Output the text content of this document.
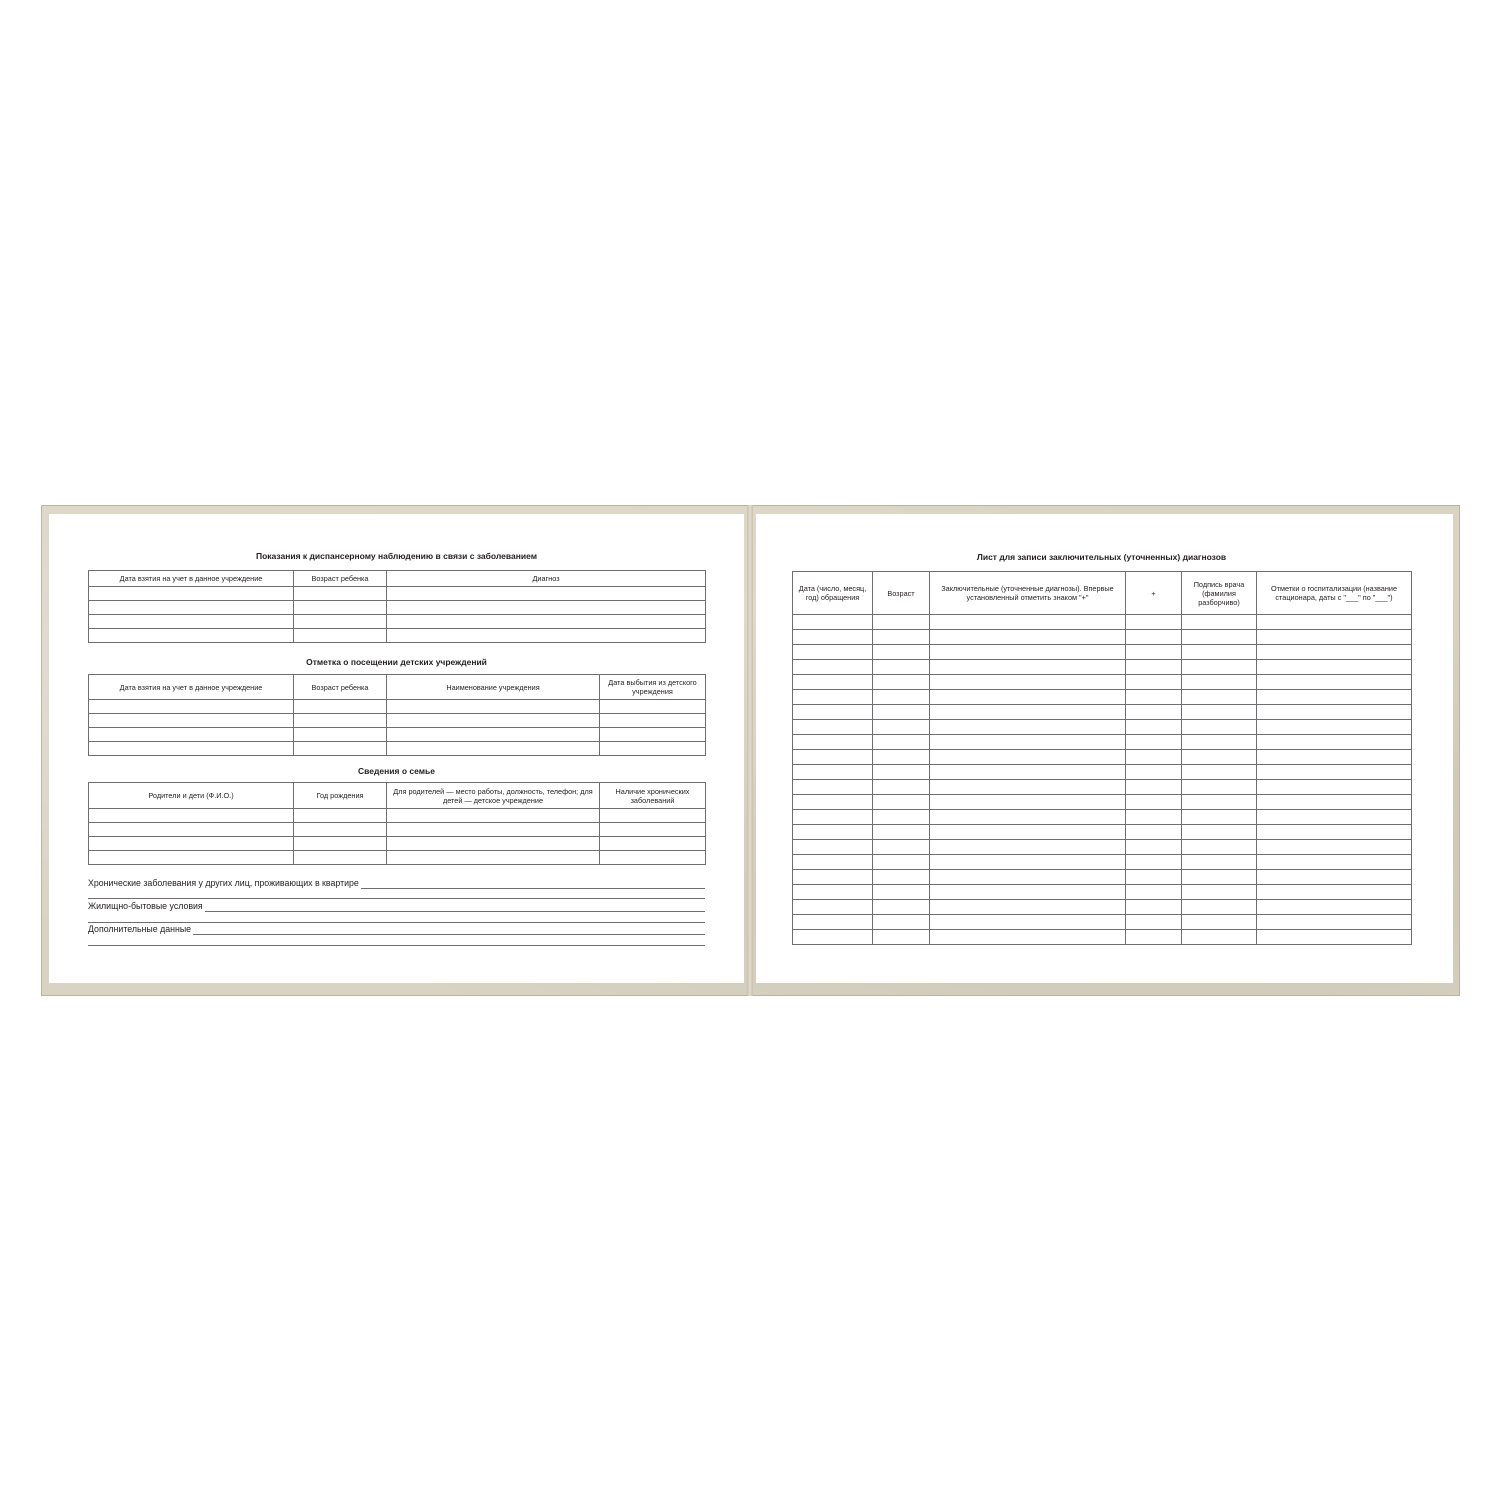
Показания к диспансерному наблюдению в связи с заболеванием
Дата взятия на учет в данное учреждение	Возраст ребенка	Диагноз

Отметка о посещении детских учреждений
Дата взятия на учет в данное учреждение	Возраст ребенка	Наименование учреждения	Дата выбытия из детского учреждения

Сведения о семье
Родители и дети (Ф.И.О.)	Год рождения	Для родителей — место работы, должность, телефон; для детей — детское учреждение	Наличие хронических заболеваний

Хронические заболевания у других лиц, проживающих в квартире
Жилищно-бытовые условия
Дополнительные данные
Лист для записи заключительных (уточненных) диагнозов
Дата (число, месяц, год) обращения	Возраст	Заключительные (уточненные диагнозы). Впервые установленный отметить знаком "+"	+	Подпись врача (фамилия разборчиво)	Отметки о госпитализации (название стационара, даты с "___" по "___")
